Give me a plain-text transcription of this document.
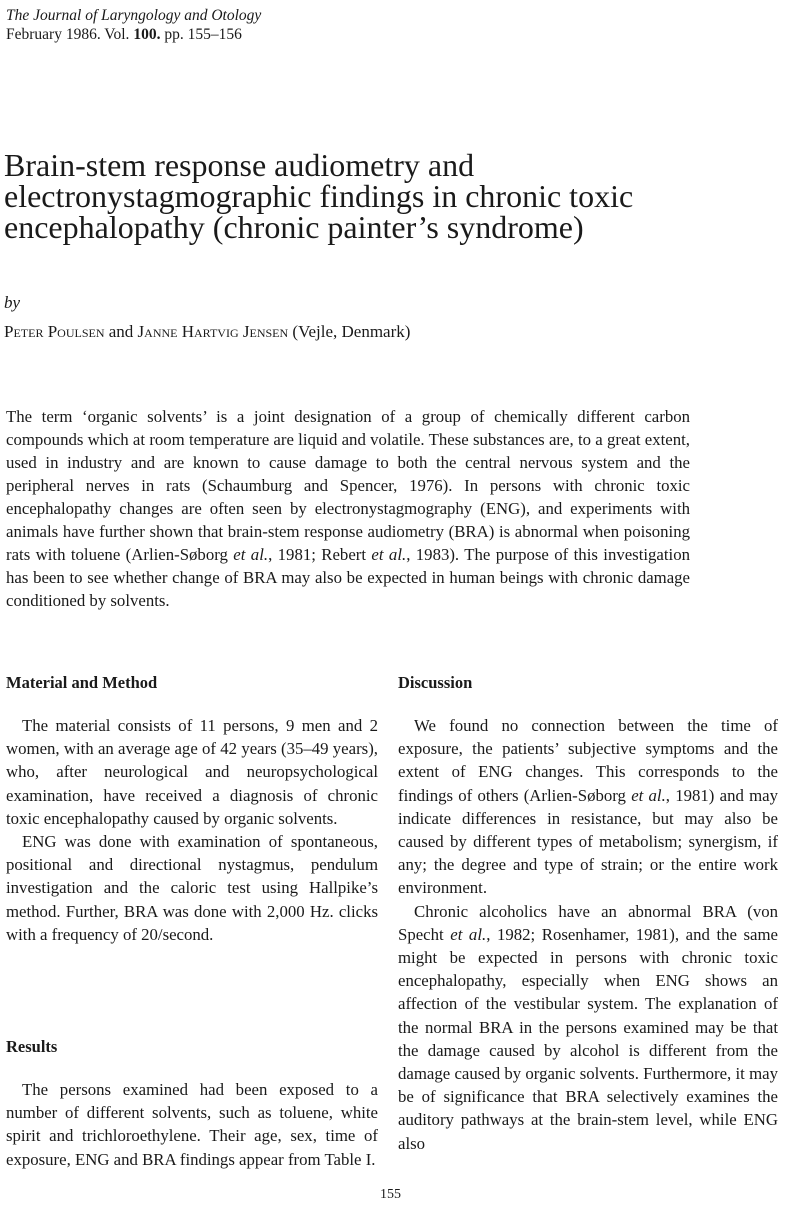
The Journal of Laryngology and Otology
February 1986. Vol. 100. pp. 155–156
Brain-stem response audiometry and electronystagmographic findings in chronic toxic encephalopathy (chronic painter’s syndrome)
by
Peter Poulsen and Janne Hartvig Jensen (Vejle, Denmark)

The term ‘organic solvents’ is a joint designation of a group of chemically different carbon compounds which at room temperature are liquid and volatile. These substances are, to a great extent, used in industry and are known to cause damage to both the central nervous system and the peripheral nerves in rats (Schaumburg and Spencer, 1976). In persons with chronic toxic encephalopathy changes are often seen by electronystagmography (ENG), and experiments with animals have further shown that brain-stem response audiometry (BRA) is abnormal when poisoning rats with toluene (Arlien-Søborg et al., 1981; Rebert et al., 1983). The purpose of this investigation has been to see whether change of BRA may also be expected in human beings with chronic damage conditioned by solvents.

Material and Method

The material consists of 11 persons, 9 men and 2 women, with an average age of 42 years (35–49 years), who, after neurological and neuropsychological examination, have received a diagnosis of chronic toxic encephalopathy caused by organic solvents.

ENG was done with examination of spontaneous, positional and directional nystagmus, pendulum investigation and the caloric test using Hallpike’s method. Further, BRA was done with 2,000 Hz. clicks with a frequency of 20/second.

Results

The persons examined had been exposed to a number of different solvents, such as toluene, white spirit and trichloroethylene. Their age, sex, time of exposure, ENG and BRA findings appear from Table I.

Discussion

We found no connection between the time of exposure, the patients’ subjective symptoms and the extent of ENG changes. This corresponds to the findings of others (Arlien-Søborg et al., 1981) and may indicate differences in resistance, but may also be caused by different types of metabolism; synergism, if any; the degree and type of strain; or the entire work environment.

Chronic alcoholics have an abnormal BRA (von Specht et al., 1982; Rosenhamer, 1981), and the same might be expected in persons with chronic toxic encephalopathy, especially when ENG shows an affection of the vestibular system. The explanation of the normal BRA in the persons examined may be that the damage caused by alcohol is different from the damage caused by organic solvents. Furthermore, it may be of significance that BRA selectively examines the auditory pathways at the brain-stem level, while ENG also

155
